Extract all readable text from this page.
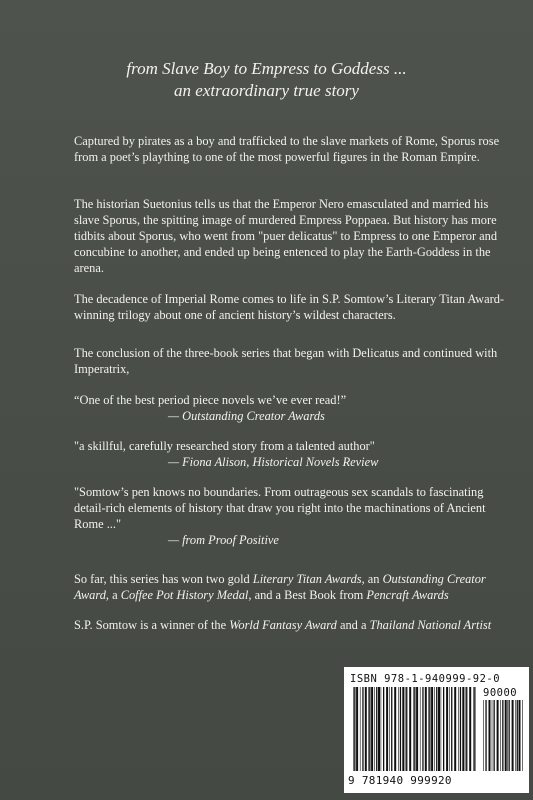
from Slave Boy to Empress to Goddess ...
an extraordinary true story

Captured by pirates as a boy and trafficked to the slave markets of Rome, Sporus rose from a poet’s plaything to one of the most powerful figures in the Roman Empire.

The historian Suetonius tells us that the Emperor Nero emasculated and married his slave Sporus, the spitting image of murdered Empress Poppaea. But history has more tidbits about Sporus, who went from "puer delicatus" to Empress to one Emperor and concubine to another, and ended up being entenced to play the Earth-Goddess in the arena.

The decadence of Imperial Rome comes to life in S.P. Somtow’s Literary Titan Award-winning trilogy about one of ancient history’s wildest characters.

The conclusion of the three-book series that began with Delicatus and continued with Imperatrix,

“One of the best period piece novels we’ve ever read!”
— Outstanding Creator Awards
"a skillful, carefully researched story from a talented author"
— Fiona Alison, Historical Novels Review
"Somtow’s pen knows no boundaries. From outrageous sex scandals to fascinating detail-rich elements of history that draw you right into the machinations of Ancient Rome ..."
— from Proof Positive

So far, this series has won two gold Literary Titan Awards, an Outstanding Creator Award, a Coffee Pot History Medal, and a Best Book from Pencraft Awards

S.P. Somtow is a winner of the World Fantasy Award and a Thailand National Artist

ISBN 978-1-940999-92-0
90000
9 781940 999920
